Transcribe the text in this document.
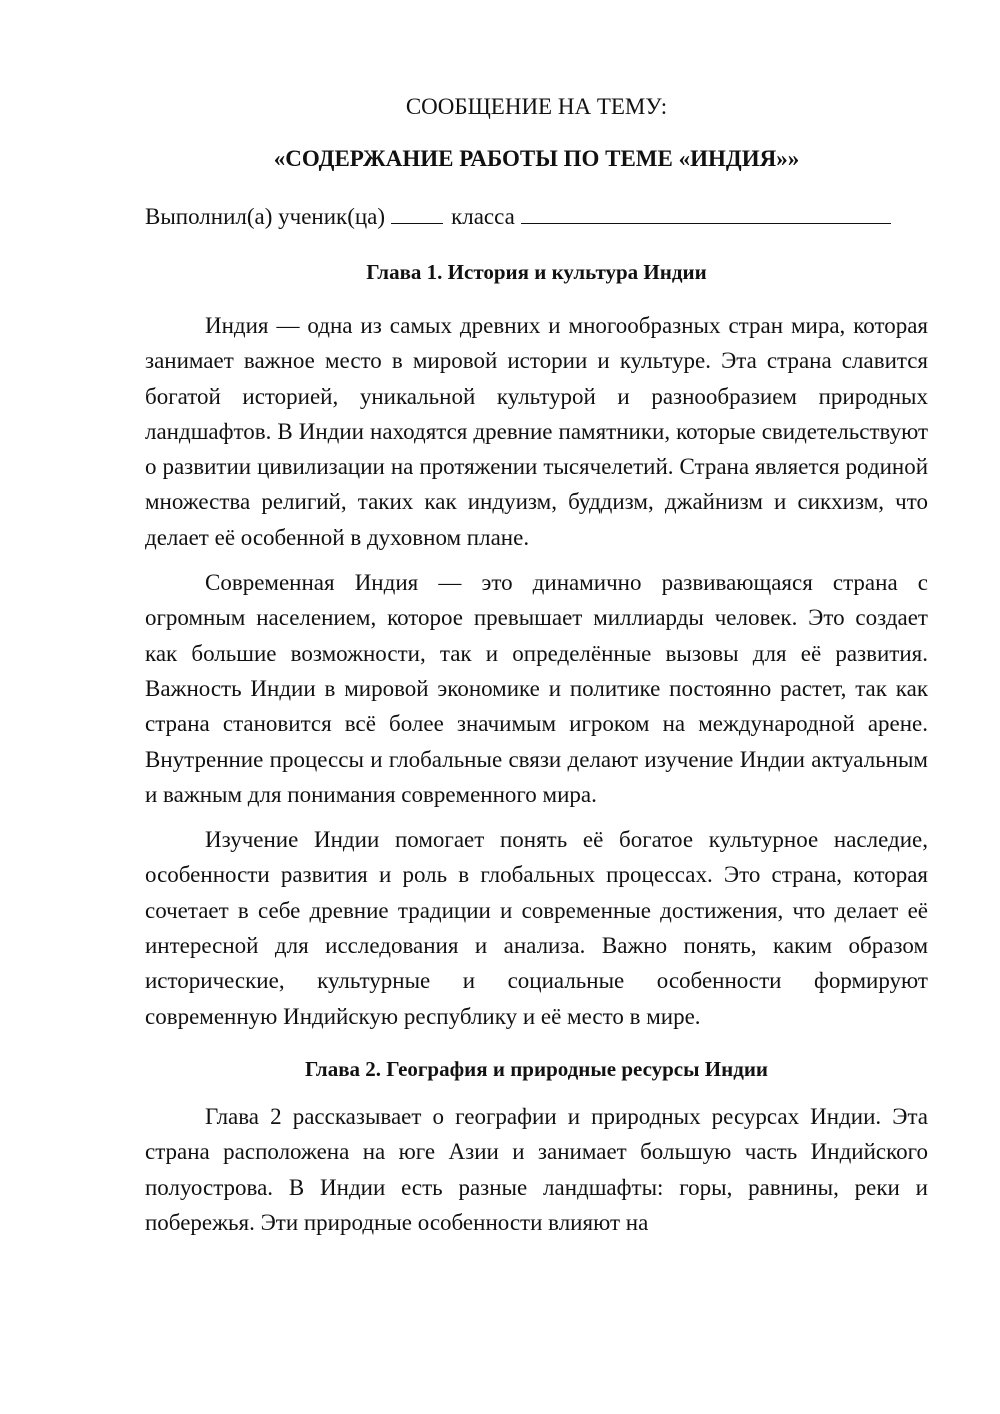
СООБЩЕНИЕ НА ТЕМУ:

«СОДЕРЖАНИЕ РАБОТЫ ПО ТЕМЕ «ИНДИЯ»»

Выполнил(а) ученик(ца)	класса

Глава 1. История и культура Индии

Индия — одна из самых древних и многообразных стран мира, которая занимает важное место в мировой истории и культуре. Эта страна славится богатой историей, уникальной культурой и разнообразием природных ландшафтов. В Индии находятся древние памятники, которые свидетельствуют о развитии цивилизации на протяжении тысячелетий. Страна является родиной множества религий, таких как индуизм, буддизм, джайнизм и сикхизм, что делает её особенной в духовном плане.

Современная Индия — это динамично развивающаяся страна с огромным населением, которое превышает миллиарды человек. Это создает как большие возможности, так и определённые вызовы для её развития. Важность Индии в мировой экономике и политике постоянно растет, так как страна становится всё более значимым игроком на международной арене. Внутренние процессы и глобальные связи делают изучение Индии актуальным и важным для понимания современного мира.

Изучение Индии помогает понять её богатое культурное наследие, особенности развития и роль в глобальных процессах. Это страна, которая сочетает в себе древние традиции и современные достижения, что делает её интересной для исследования и анализа. Важно понять, каким образом исторические, культурные и социальные особенности формируют современную Индийскую республику и её место в мире.

Глава 2. География и природные ресурсы Индии

Глава 2 рассказывает о географии и природных ресурсах Индии. Эта страна расположена на юге Азии и занимает большую часть Индийского полуострова. В Индии есть разные ландшафты: горы, равнины, реки и побережья. Эти природные особенности влияют на
